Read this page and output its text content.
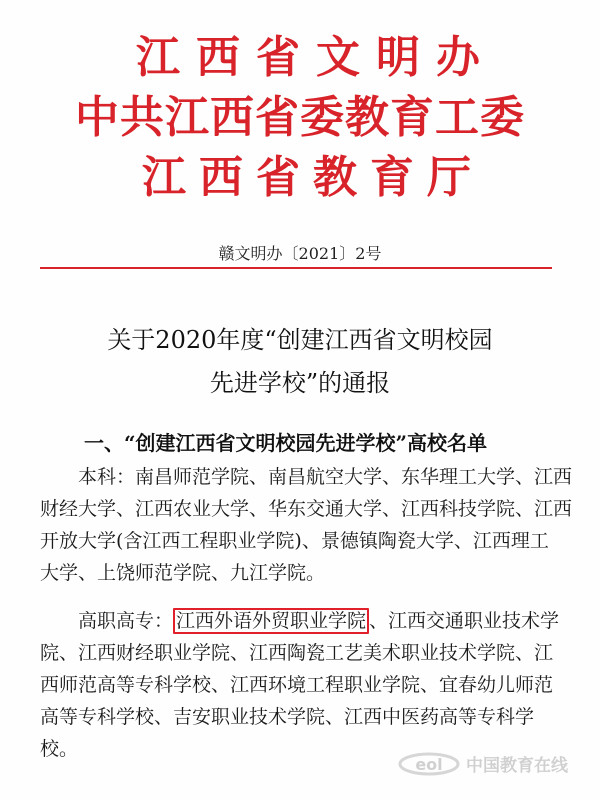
江西省文明办
中共江西省委教育工委
江西省教育厅
赣文明办〔2021〕2号
关于2020年度“创建江西省文明校园
先进学校”的通报
一、“创建江西省文明校园先进学校”高校名单
本科：南昌师范学院、南昌航空大学、东华理工大学、江西
财经大学、江西农业大学、华东交通大学、江西科技学院、江西
开放大学(含江西工程职业学院)、景德镇陶瓷大学、江西理工
大学、上饶师范学院、九江学院。
高职高专： 江西外语外贸职业学院 、江西交通职业技术学
院、江西财经职业学院、江西陶瓷工艺美术职业技术学院、江
西师范高等专科学校、江西环境工程职业学院、宜春幼儿师范
高等专科学校、吉安职业技术学院、江西中医药高等专科学
校。
eol 中国教育在线
